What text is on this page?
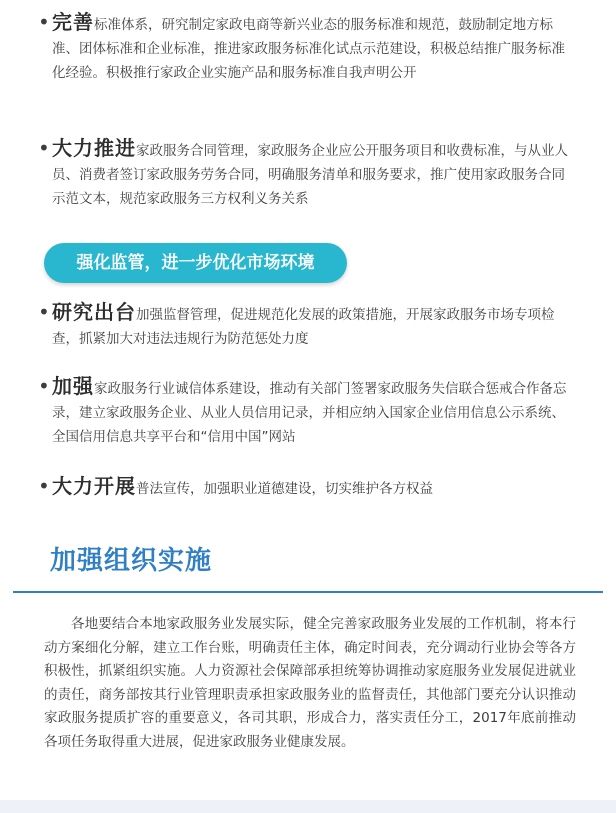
• 完善标准体系，研究制定家政电商等新兴业态的服务标准和规范，鼓励制定地方标准、团体标准和企业标准，推进家政服务标准化试点示范建设，积极总结推广服务标准化经验。积极推行家政企业实施产品和服务标准自我声明公开
• 大力推进家政服务合同管理，家政服务企业应公开服务项目和收费标准，与从业人员、消费者签订家政服务劳务合同，明确服务清单和服务要求，推广使用家政服务合同示范文本，规范家政服务三方权利义务关系
强化监管，进一步优化市场环境
• 研究出台加强监督管理，促进规范化发展的政策措施，开展家政服务市场专项检查，抓紧加大对违法违规行为防范惩处力度
• 加强家政服务行业诚信体系建设，推动有关部门签署家政服务失信联合惩戒合作备忘录，建立家政服务企业、从业人员信用记录，并相应纳入国家企业信用信息公示系统、全国信用信息共享平台和“信用中国”网站
• 大力开展普法宣传，加强职业道德建设，切实维护各方权益
加强组织实施
各地要结合本地家政服务业发展实际，健全完善家政服务业发展的工作机制，将本行动方案细化分解，建立工作台账，明确责任主体，确定时间表，充分调动行业协会等各方积极性，抓紧组织实施。人力资源社会保障部承担统筹协调推动家庭服务业发展促进就业的责任，商务部按其行业管理职责承担家政服务业的监督责任，其他部门要充分认识推动家政服务提质扩容的重要意义，各司其职，形成合力，落实责任分工，2017年底前推动各项任务取得重大进展，促进家政服务业健康发展。
